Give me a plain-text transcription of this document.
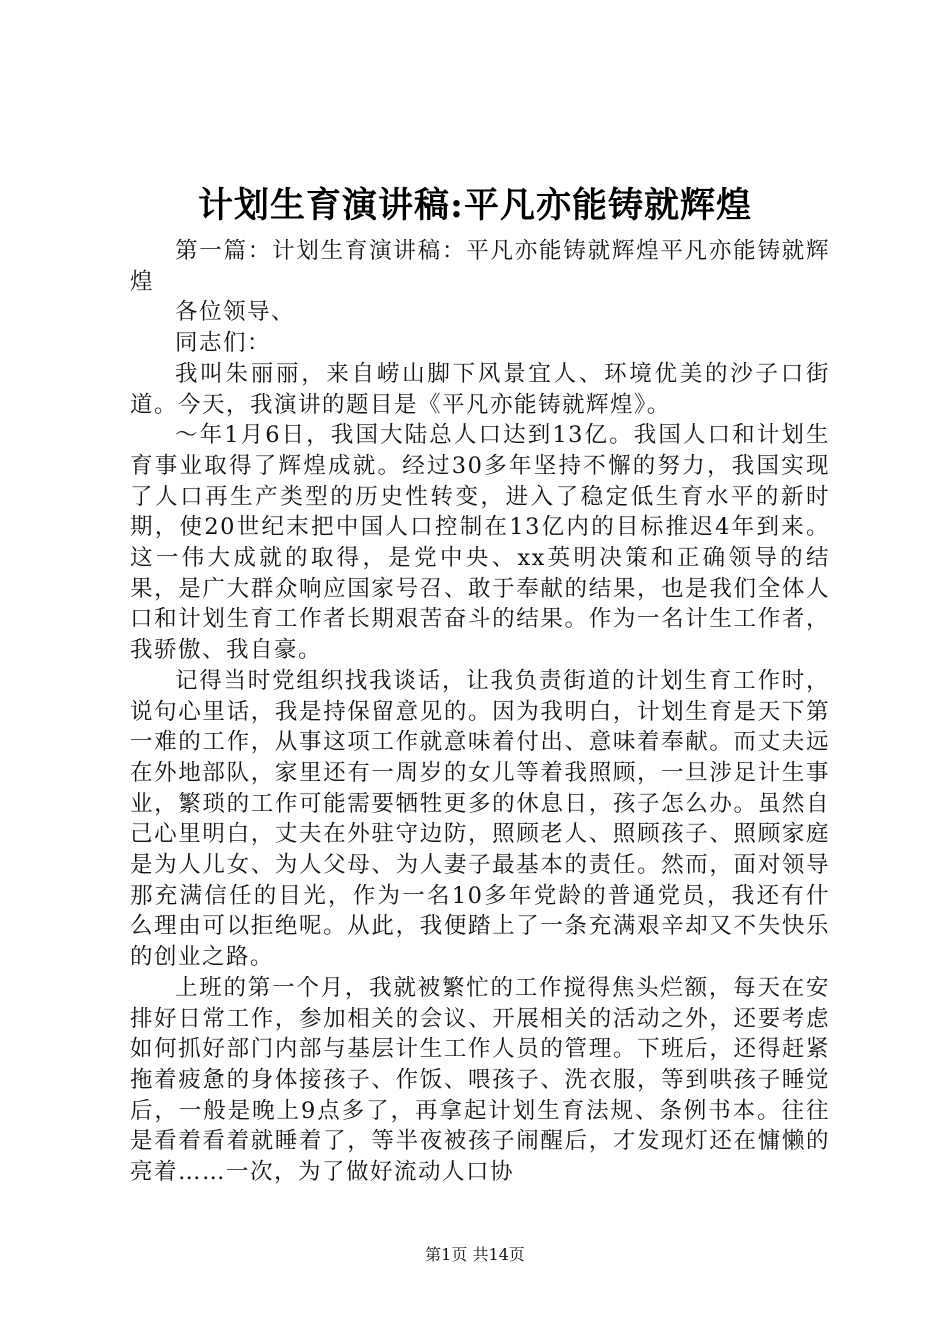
计划生育演讲稿:平凡亦能铸就辉煌

第一篇：计划生育演讲稿：平凡亦能铸就辉煌平凡亦能铸就辉煌

各位领导、

同志们：

我叫朱丽丽，来自崂山脚下风景宜人、环境优美的沙子口街道。今天，我演讲的题目是《平凡亦能铸就辉煌》。

～年1月6日，我国大陆总人口达到13亿。我国人口和计划生育事业取得了辉煌成就。经过30多年坚持不懈的努力，我国实现了人口再生产类型的历史性转变，进入了稳定低生育水平的新时期，使20世纪末把中国人口控制在13亿内的目标推迟4年到来。这一伟大成就的取得，是党中央、xx英明决策和正确领导的结果，是广大群众响应国家号召、敢于奉献的结果，也是我们全体人口和计划生育工作者长期艰苦奋斗的结果。作为一名计生工作者，我骄傲、我自豪。

记得当时党组织找我谈话，让我负责街道的计划生育工作时，说句心里话，我是持保留意见的。因为我明白，计划生育是天下第一难的工作，从事这项工作就意味着付出、意味着奉献。而丈夫远在外地部队，家里还有一周岁的女儿等着我照顾，一旦涉足计生事业，繁琐的工作可能需要牺牲更多的休息日，孩子怎么办。虽然自己心里明白，丈夫在外驻守边防，照顾老人、照顾孩子、照顾家庭是为人儿女、为人父母、为人妻子最基本的责任。然而，面对领导那充满信任的目光，作为一名10多年党龄的普通党员，我还有什么理由可以拒绝呢。从此，我便踏上了一条充满艰辛却又不失快乐的创业之路。

上班的第一个月，我就被繁忙的工作搅得焦头烂额，每天在安排好日常工作，参加相关的会议、开展相关的活动之外，还要考虑如何抓好部门内部与基层计生工作人员的管理。下班后，还得赶紧拖着疲惫的身体接孩子、作饭、喂孩子、洗衣服，等到哄孩子睡觉后，一般是晚上9点多了，再拿起计划生育法规、条例书本。往往是看着看着就睡着了，等半夜被孩子闹醒后，才发现灯还在慵懒的亮着……一次，为了做好流动人口协

第1页 共14页
